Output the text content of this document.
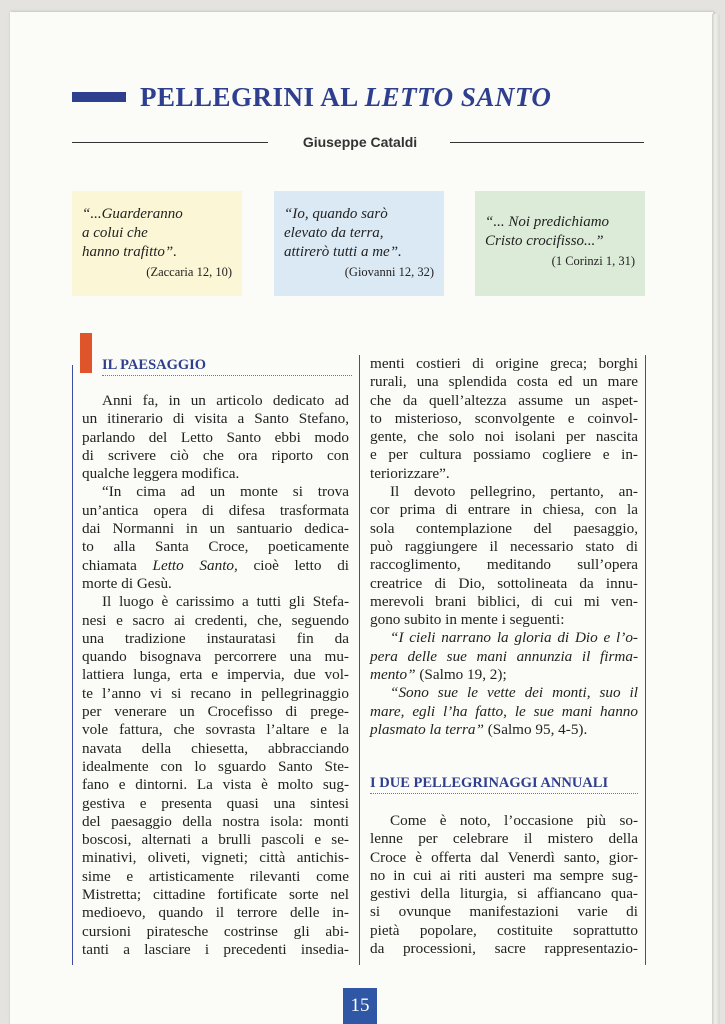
PELLEGRINI AL LETTO SANTO
Giuseppe Cataldi
“...Guarderanno
a colui che
hanno trafitto”.
(Zaccaria 12, 10)
“Io, quando sarò
elevato da terra,
attirerò tutti a me”.
(Giovanni 12, 32)
“... Noi predichiamo
Cristo crocifisso...”
(1 Corinzi 1, 31)
IL PAESAGGIO
Anni fa, in un articolo dedicato ad
un itinerario di visita a Santo Stefano,
parlando del Letto Santo ebbi modo
di scrivere ciò che ora riporto con
qualche leggera modifica.
“In cima ad un monte si trova
un’antica opera di difesa trasformata
dai Normanni in un santuario dedica-
to alla Santa Croce, poeticamente
chiamata Letto Santo, cioè letto di
morte di Gesù.
Il luogo è carissimo a tutti gli Stefa-
nesi e sacro ai credenti, che, seguendo
una tradizione instauratasi fin da
quando bisognava percorrere una mu-
lattiera lunga, erta e impervia, due vol-
te l’anno vi si recano in pellegrinaggio
per venerare un Crocefisso di prege-
vole fattura, che sovrasta l’altare e la
navata della chiesetta, abbracciando
idealmente con lo sguardo Santo Ste-
fano e dintorni. La vista è molto sug-
gestiva e presenta quasi una sintesi
del paesaggio della nostra isola: monti
boscosi, alternati a brulli pascoli e se-
minativi, oliveti, vigneti; città antichis-
sime e artisticamente rilevanti come
Mistretta; cittadine fortificate sorte nel
medioevo, quando il terrore delle in-
cursioni piratesche costrinse gli abi-
tanti a lasciare i precedenti insedia-
menti costieri di origine greca; borghi
rurali, una splendida costa ed un mare
che da quell’altezza assume un aspet-
to misterioso, sconvolgente e coinvol-
gente, che solo noi isolani per nascita
e per cultura possiamo cogliere e in-
teriorizzare”.
Il devoto pellegrino, pertanto, an-
cor prima di entrare in chiesa, con la
sola contemplazione del paesaggio,
può raggiungere il necessario stato di
raccoglimento, meditando sull’opera
creatrice di Dio, sottolineata da innu-
merevoli brani biblici, di cui mi ven-
gono subito in mente i seguenti:
“I cieli narrano la gloria di Dio e l’o-
pera delle sue mani annunzia il firma-
mento” (Salmo 19, 2);
“Sono sue le vette dei monti, suo il
mare, egli l’ha fatto, le sue mani hanno
plasmato la terra” (Salmo 95, 4-5).
I DUE PELLEGRINAGGI ANNUALI
Come è noto, l’occasione più so-
lenne per celebrare il mistero della
Croce è offerta dal Venerdì santo, gior-
no in cui ai riti austeri ma sempre sug-
gestivi della liturgia, si affiancano qua-
si ovunque manifestazioni varie di
pietà popolare, costituite soprattutto
da processioni, sacre rappresentazio-
15
